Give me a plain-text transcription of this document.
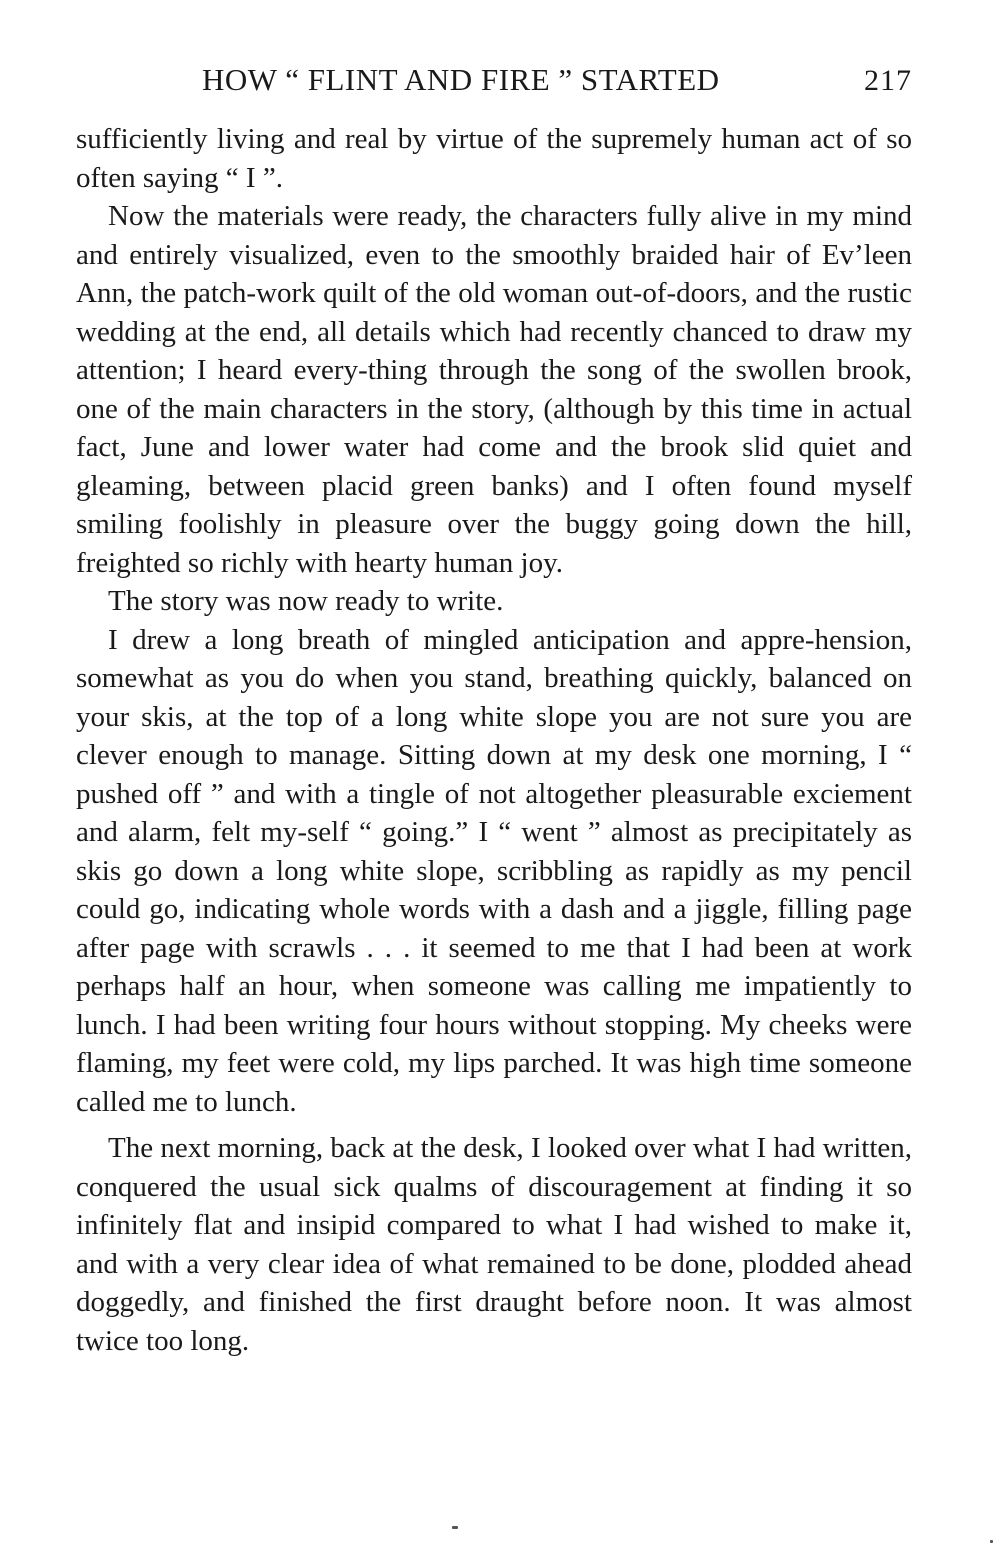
HOW “ FLINT AND FIRE ” STARTED	217

sufficiently living and real by virtue of the supremely human act of so often saying “ I ”.

Now the materials were ready, the characters fully alive in my mind and entirely visualized, even to the smoothly braided hair of Ev’leen Ann, the patch-work quilt of the old woman out-of-doors, and the rustic wedding at the end, all details which had recently chanced to draw my attention; I heard every-thing through the song of the swollen brook, one of the main characters in the story, (although by this time in actual fact, June and lower water had come and the brook slid quiet and gleaming, between placid green banks) and I often found myself smiling foolishly in pleasure over the buggy going down the hill, freighted so richly with hearty human joy.

The story was now ready to write.

I drew a long breath of mingled anticipation and appre-hension, somewhat as you do when you stand, breathing quickly, balanced on your skis, at the top of a long white slope you are not sure you are clever enough to manage. Sitting down at my desk one morning, I “ pushed off ” and with a tingle of not altogether pleasurable exciement and alarm, felt my-self “ going.” I “ went ” almost as precipitately as skis go down a long white slope, scribbling as rapidly as my pencil could go, indicating whole words with a dash and a jiggle, filling page after page with scrawls . . . it seemed to me that I had been at work perhaps half an hour, when someone was calling me impatiently to lunch. I had been writing four hours without stopping. My cheeks were flaming, my feet were cold, my lips parched. It was high time someone called me to lunch.

The next morning, back at the desk, I looked over what I had written, conquered the usual sick qualms of discouragement at finding it so infinitely flat and insipid compared to what I had wished to make it, and with a very clear idea of what remained to be done, plodded ahead doggedly, and finished the first draught before noon. It was almost twice too long.
